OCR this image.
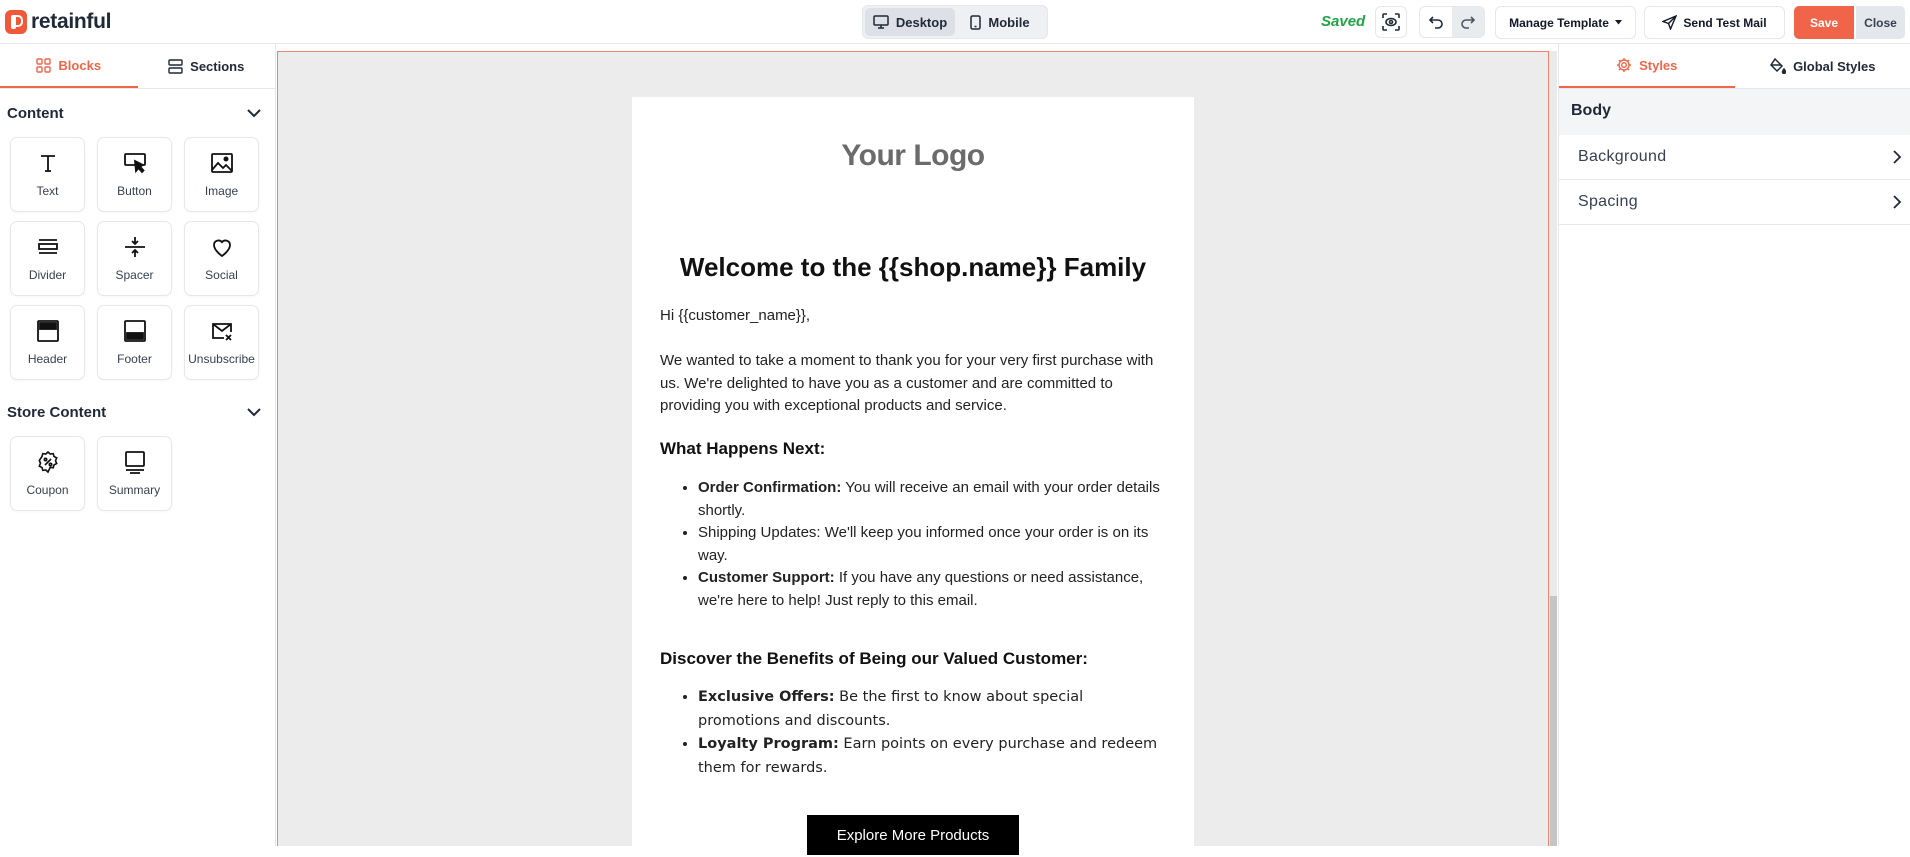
retainful	Desktop	Mobile	Saved	Manage Template	Send Test Mail	Save	Close
Blocks	Sections
Content
Text	Button	Image
Divider	Spacer	Social
Header	Footer	Unsubscribe
Store Content
Coupon	Summary
Your Logo
Welcome to the {{shop.name}} Family
Hi {{customer_name}},
We wanted to take a moment to thank you for your very first purchase with us. We're delighted to have you as a customer and are committed to providing you with exceptional products and service.
What Happens Next:
• Order Confirmation: You will receive an email with your order details shortly.
• Shipping Updates: We'll keep you informed once your order is on its way.
• Customer Support: If you have any questions or need assistance, we're here to help! Just reply to this email.
Discover the Benefits of Being our Valued Customer:
• Exclusive Offers: Be the first to know about special promotions and discounts.
• Loyalty Program: Earn points on every purchase and redeem them for rewards.
Explore More Products
Styles	Global Styles
Body
Background
Spacing
